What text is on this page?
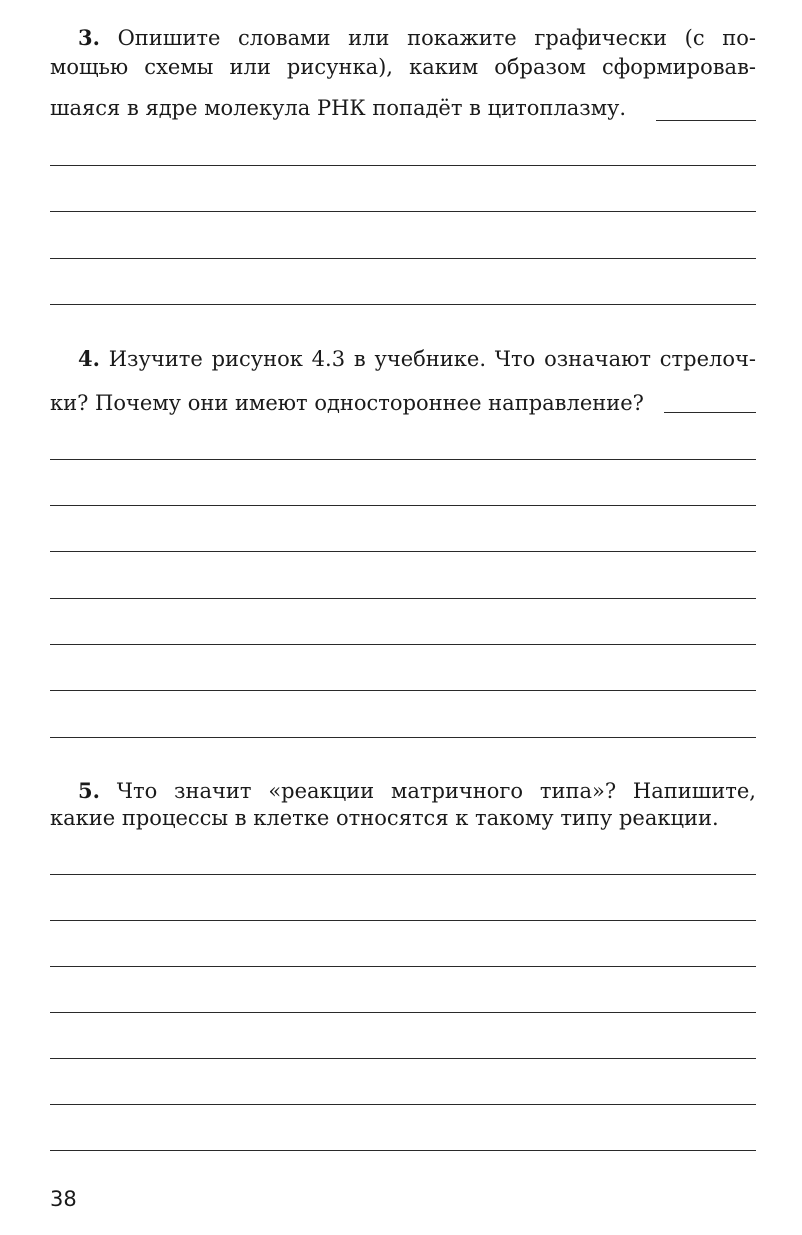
3. Опишите словами или покажите графически (с по-
мощью схемы или рисунка), каким образом сформировав-
шаяся в ядре молекула РНК попадёт в цитоплазму.
4. Изучите рисунок 4.3 в учебнике. Что означают стрелоч-
ки? Почему они имеют одностороннее направление?
5. Что значит «реакции матричного типа»? Напишите,
какие процессы в клетке относятся к такому типу реакции.
38
